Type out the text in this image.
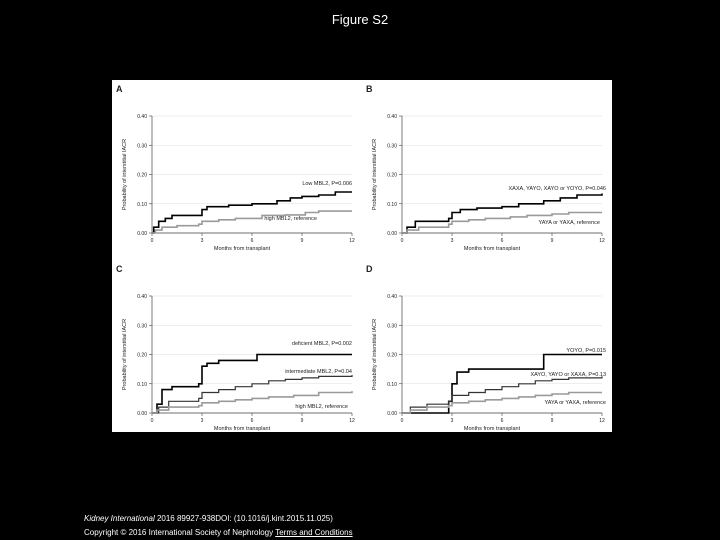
Figure S2
A
0.00
0.10
0.20
0.30
0.40
0	3	6	9	12
Months from transplant
Probability of interstitial IACR	Low MBL2, P=0.006
high MBL2, reference
B
0.00
0.10
0.20
0.30
0.40
0	3	6	9	12
Months from transplant
Probability of interstitial IACR	XAXA, YAYO, XAYO or YOYO, P=0.046
YAYA or YAXA, reference
C
0.00
0.10
0.20
0.30
0.40
0	3	6	9	12
Months from transplant
Probability of interstitial IACR	deficient MBL2, P=0.002
intermediate MBL2, P=0.04
high MBL2, reference
D
0.00
0.10
0.20
0.30
0.40
0	3	6	9	12
Months from transplant
Probability of interstitial IACR	YOYO, P=0.015
XAYO, YAYO or XAXA, P=0.13
YAYA or YAXA, reference
Kidney International 2016 89927-938DOI: (10.1016/j.kint.2015.11.025)
Copyright © 2016 International Society of Nephrology Terms and Conditions
